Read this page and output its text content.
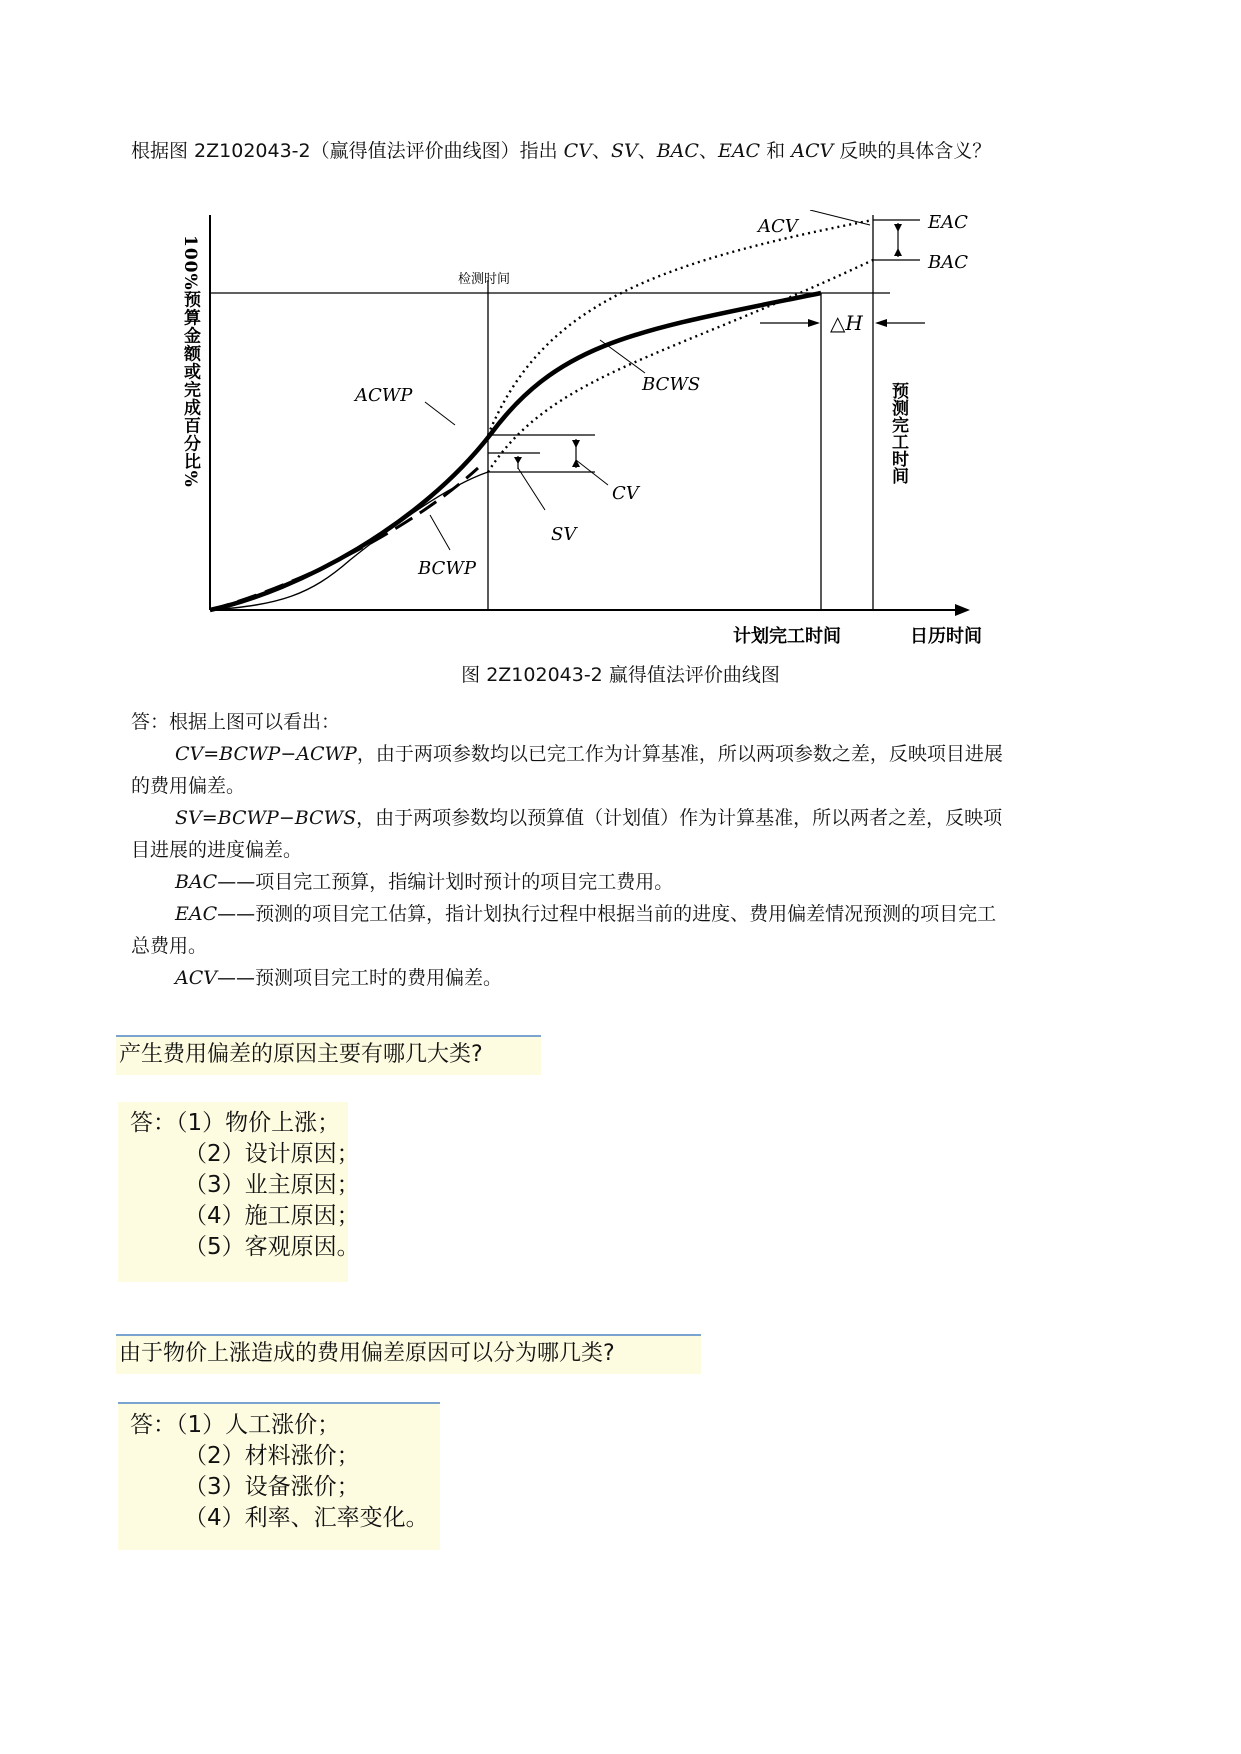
根据图 2Z102043-2（赢得值法评价曲线图）指出 CV、SV、BAC、EAC 和 ACV 反映的具体含义？
100%预算金额或完成百分比%	检测时间
ACV	EAC
BAC
△H
ACWP
BCWS
BCWP
CV
SV
预测完工时间
计划完工时间	日历时间
图 2Z102043-2 赢得值法评价曲线图

答：根据上图可以看出：

CV=BCWP−ACWP，由于两项参数均以已完工作为计算基准，所以两项参数之差，反映项目进展的费用偏差。

SV=BCWP−BCWS，由于两项参数均以预算值（计划值）作为计算基准，所以两者之差，反映项目进展的进度偏差。

BAC——项目完工预算，指编计划时预计的项目完工费用。

EAC——预测的项目完工估算，指计划执行过程中根据当前的进度、费用偏差情况预测的项目完工总费用。

ACV——预测项目完工时的费用偏差。

产生费用偏差的原因主要有哪几大类?
答：（1）物价上涨；
（2）设计原因；
（3）业主原因；
（4）施工原因；
（5）客观原因。
由于物价上涨造成的费用偏差原因可以分为哪几类?
答：（1）人工涨价；
（2）材料涨价；
（3）设备涨价；
（4）利率、汇率变化。
